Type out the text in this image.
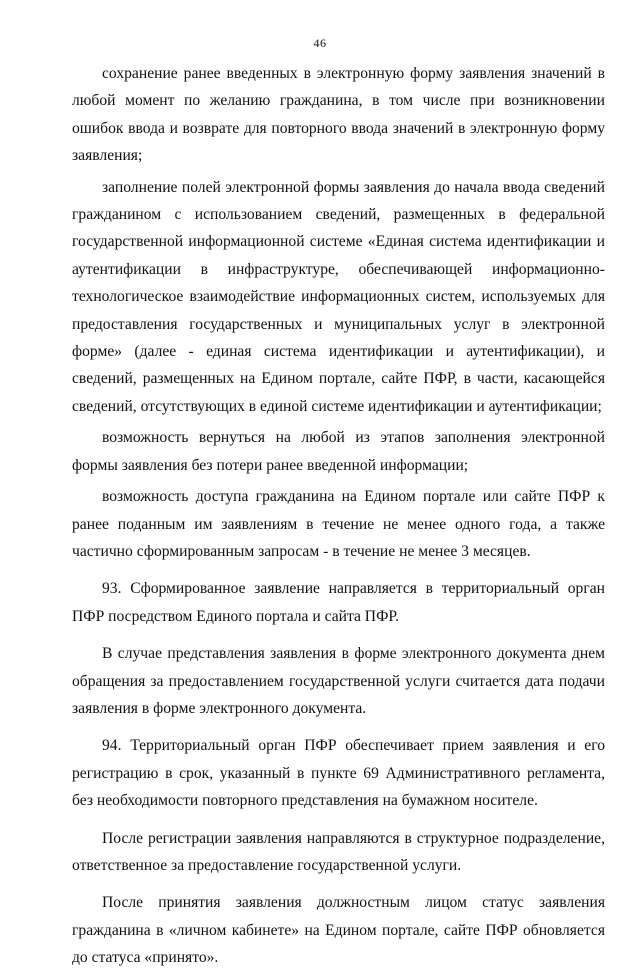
46

сохранение ранее введенных в электронную форму заявления значений в любой момент по желанию гражданина, в том числе при возникновении ошибок ввода и возврате для повторного ввода значений в электронную форму заявления;

заполнение полей электронной формы заявления до начала ввода сведений гражданином с использованием сведений, размещенных в федеральной государственной информационной системе «Единая система идентификации и аутентификации в инфраструктуре, обеспечивающей информационно-технологическое взаимодействие информационных систем, используемых для предоставления государственных и муниципальных услуг в электронной форме» (далее - единая система идентификации и аутентификации), и сведений, размещенных на Едином портале, сайте ПФР, в части, касающейся сведений, отсутствующих в единой системе идентификации и аутентификации;

возможность вернуться на любой из этапов заполнения электронной формы заявления без потери ранее введенной информации;

возможность доступа гражданина на Едином портале или сайте ПФР к ранее поданным им заявлениям в течение не менее одного года, а также частично сформированным запросам - в течение не менее 3 месяцев.

93. Сформированное заявление направляется в территориальный орган ПФР посредством Единого портала и сайта ПФР.

В случае представления заявления в форме электронного документа днем обращения за предоставлением государственной услуги считается дата подачи заявления в форме электронного документа.

94. Территориальный орган ПФР обеспечивает прием заявления и его регистрацию в срок, указанный в пункте 69 Административного регламента, без необходимости повторного представления на бумажном носителе.

После регистрации заявления направляются в структурное подразделение, ответственное за предоставление государственной услуги.

После принятия заявления должностным лицом статус заявления гражданина в «личном кабинете» на Едином портале, сайте ПФР обновляется до статуса «принято».
